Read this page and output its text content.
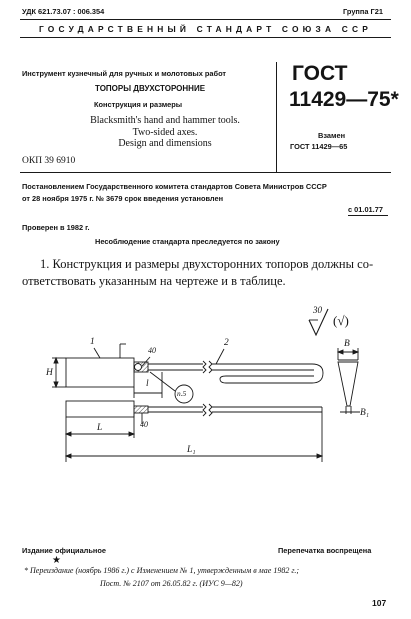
УДК 621.73.07 : 006.354	Группа Г21
ГОСУДАРСТВЕННЫЙ СТАНДАРТ СОЮЗА ССР
Инструмент кузнечный для ручных и молотовых работ
ТОПОРЫ ДВУХСТОРОННИЕ
Конструкция и размеры
Blacksmith's hand and hammer tools.
Two-sided axes.
Design and dimensions
ОКП 39 6910
ГОСТ
11429—75*
Взамен
ГОСТ 11429—65
Постановлением Государственного комитета стандартов Совета Министров СССР
от 28 ноября 1975 г. № 3679 срок введения установлен
с 01.01.77
Проверен в 1982 г.
Несоблюдение стандарта преследуется по закону
1. Конструкция и размеры двухсторонних топоров должны со-
ответствовать указанным на чертеже и в таблице.
30
(√)
1	2
40
H
l
п.5
B
B₁
40
L
L₁
Издание официальное	Перепечатка воспрещена
★
* Переиздание (ноябрь 1986 г.) с Изменением № 1, утвержденным в мае 1982 г.;
Пост. № 2107 от 26.05.82 г. (ИУС 9—82)
107
